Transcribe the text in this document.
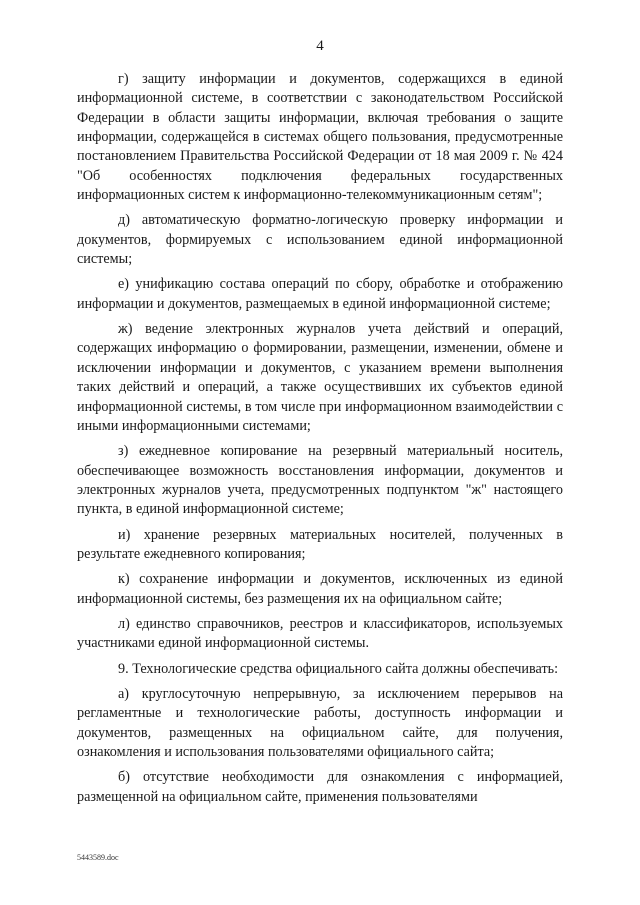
4

г) защиту информации и документов, содержащихся в единой информационной системе, в соответствии с законодательством Российской Федерации в области защиты информации, включая требования о защите информации, содержащейся в системах общего пользования, предусмотренные постановлением Правительства Российской Федерации от 18 мая 2009 г. № 424 "Об особенностях подключения федеральных государственных информационных систем к информационно-телекоммуникационным сетям";

д) автоматическую форматно-логическую проверку информации и документов, формируемых с использованием единой информационной системы;

е) унификацию состава операций по сбору, обработке и отображению информации и документов, размещаемых в единой информационной системе;

ж) ведение электронных журналов учета действий и операций, содержащих информацию о формировании, размещении, изменении, обмене и исключении информации и документов, с указанием времени выполнения таких действий и операций, а также осуществивших их субъектов единой информационной системы, в том числе при информационном взаимодействии с иными информационными системами;

з) ежедневное копирование на резервный материальный носитель, обеспечивающее возможность восстановления информации, документов и электронных журналов учета, предусмотренных подпунктом "ж" настоящего пункта, в единой информационной системе;

и) хранение резервных материальных носителей, полученных в результате ежедневного копирования;

к) сохранение информации и документов, исключенных из единой информационной системы, без размещения их на официальном сайте;

л) единство справочников, реестров и классификаторов, используемых участниками единой информационной системы.

9. Технологические средства официального сайта должны обеспечивать:

а) круглосуточную непрерывную, за исключением перерывов на регламентные и технологические работы, доступность информации и документов, размещенных на официальном сайте, для получения, ознакомления и использования пользователями официального сайта;

б) отсутствие необходимости для ознакомления с информацией, размещенной на официальном сайте, применения пользователями

5443589.doc
